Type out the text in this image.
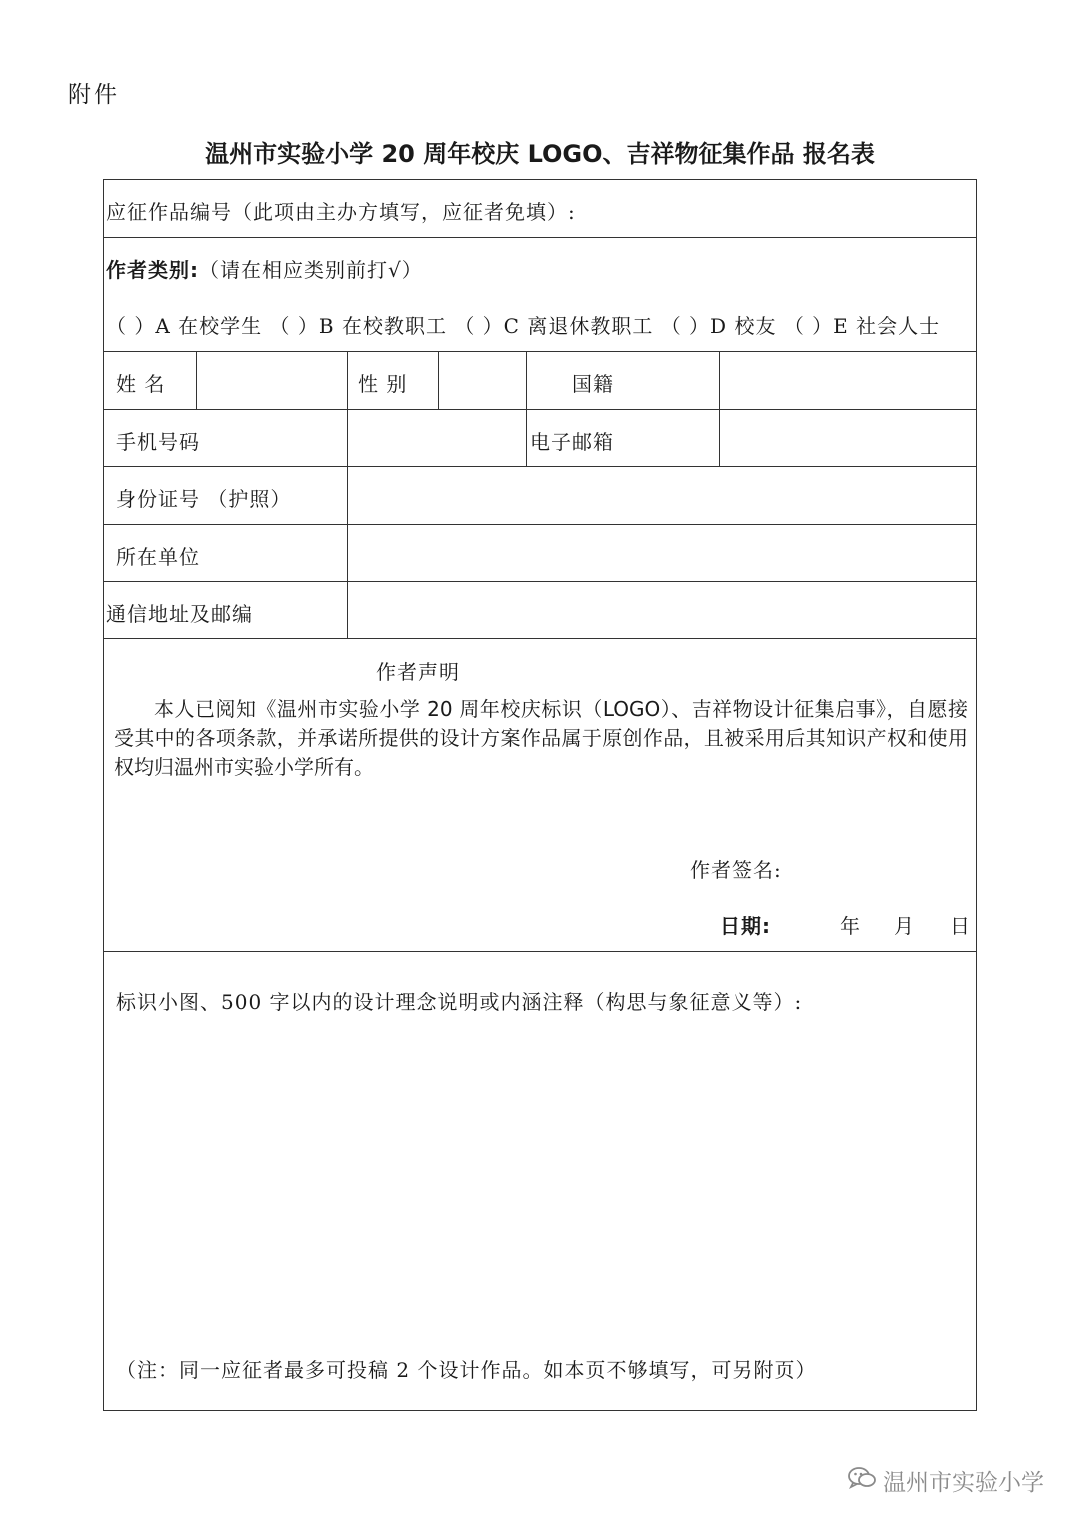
附件
温州市实验小学 20 周年校庆 LOGO、吉祥物征集作品 报名表
应征作品编号（此项由主办方填写，应征者免填）:
作者类别:（请在相应类别前打√）
（ ）A 在校学生 （ ）B 在校教职工 （ ）C 离退休教职工 （ ）D 校友 （ ）E 社会人士
姓 名	性 别	国籍
手机号码	电子邮箱
身份证号 （护照）
所在单位
通信地址及邮编
作者声明
本人已阅知《温州市实验小学 20 周年校庆标识（LOGO）、吉祥物设计征集启事》，自愿接受其中的各项条款，并承诺所提供的设计方案作品属于原创作品，且被采用后其知识产权和使用权均归温州市实验小学所有。
作者签名:
日期:	年 月 日
标识小图、500 字以内的设计理念说明或内涵注释（构思与象征意义等）:
（注：同一应征者最多可投稿 2 个设计作品。如本页不够填写，可另附页）
温州市实验小学
